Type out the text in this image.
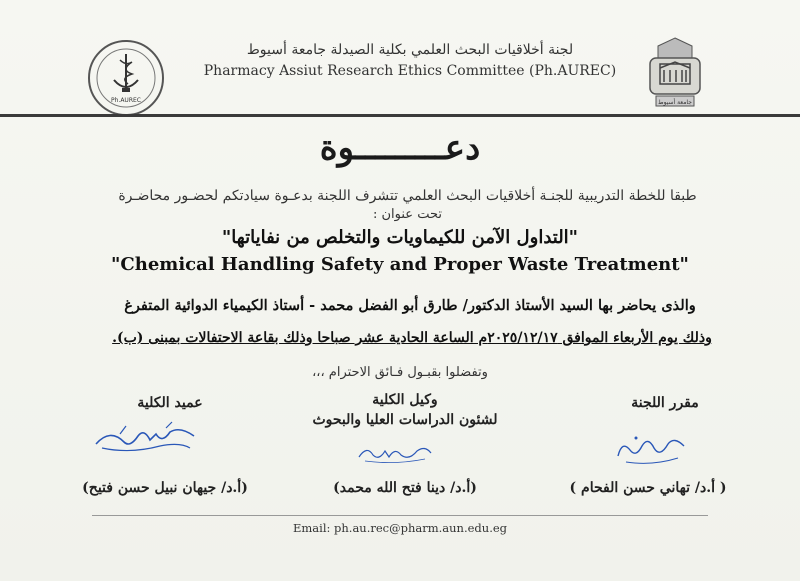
Ph.AUREC
لجنة أخلاقيات البحث العلمي بكلية الصيدلة جامعة أسيوط
Pharmacy Assiut Research Ethics Committee (Ph.AUREC)
جامعة أسيوط
دعـــــــــوة
طبقا للخطة التدريبية للجنـة أخلاقيات البحث العلمي تتشرف اللجنة بدعـوة سيادتكم لحضـور محاضـرة
تحت عنوان :
"التداول الآمن للكيماويات والتخلص من نفاياتها"
"Chemical Handling Safety and Proper Waste Treatment"
والذى يحاضر بها السيد الأستاذ الدكتور/ طارق أبو الفضل محمد - أستاذ الكيمياء الدوائية المتفرغ
وذلك يوم الأربعاء الموافق ٢٠٢٥/١٢/١٧م الساعة الحادية عشر صباحا وذلك بقاعة الاحتفالات بمبنى (ب).
وتفضلوا بقبـول فـائق الاحترام ،،،
عميد الكلية	وكيل الكلية
لشئون الدراسات العليا والبحوث
مقرر اللجنة
(أ.د/ جيهان نبيل حسن فتيح)	(أ.د/ دينا فتح الله محمد)	( أ.د/ تهاني حسن الفحام )
Email: ph.au.rec@pharm.aun.edu.eg
